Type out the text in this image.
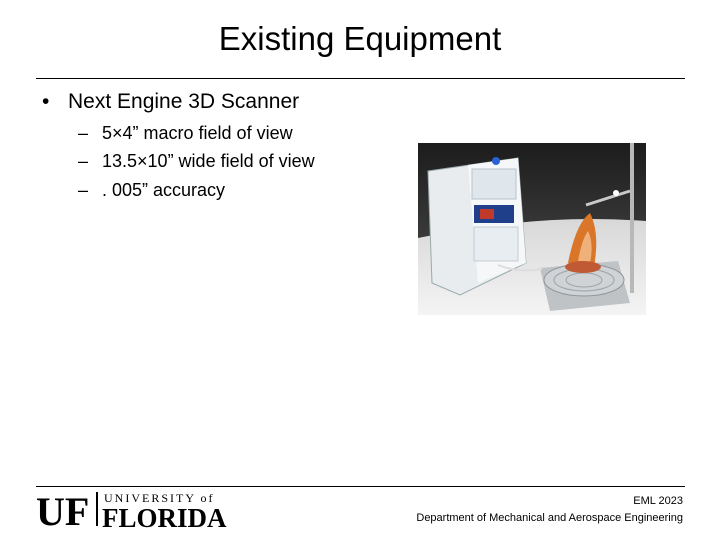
Existing Equipment
• Next Engine 3D Scanner
– 5×4” macro field of view
– 13.5×10” wide field of view
– . 005” accuracy
UF UNIVERSITY of
FLORIDA
EML 2023
Department of Mechanical and Aerospace Engineering
